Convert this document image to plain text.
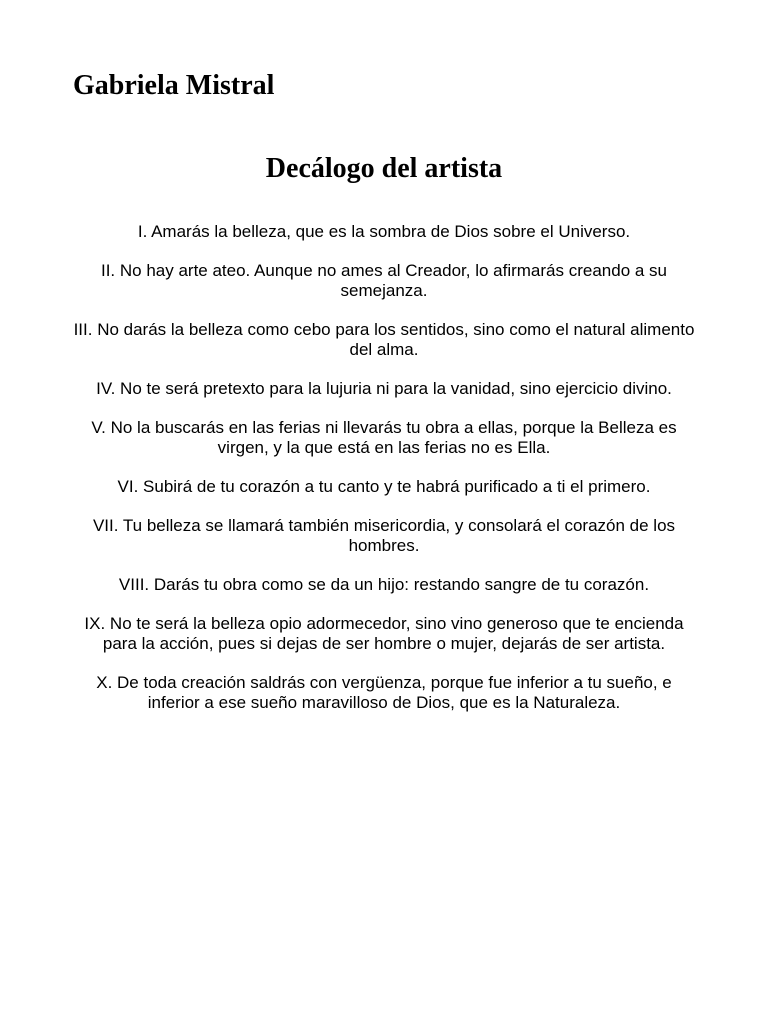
Gabriela Mistral
Decálogo del artista
I. Amarás la belleza, que es la sombra de Dios sobre el Universo.
II. No hay arte ateo. Aunque no ames al Creador, lo afirmarás creando a su semejanza.
III. No darás la belleza como cebo para los sentidos, sino como el natural alimento del alma.
IV. No te será pretexto para la lujuria ni para la vanidad, sino ejercicio divino.
V. No la buscarás en las ferias ni llevarás tu obra a ellas, porque la Belleza es virgen, y la que está en las ferias no es Ella.
VI. Subirá de tu corazón a tu canto y te habrá purificado a ti el primero.
VII. Tu belleza se llamará también misericordia, y consolará el corazón de los hombres.
VIII. Darás tu obra como se da un hijo: restando sangre de tu corazón.
IX. No te será la belleza opio adormecedor, sino vino generoso que te encienda para la acción, pues si dejas de ser hombre o mujer, dejarás de ser artista.
X. De toda creación saldrás con vergüenza, porque fue inferior a tu sueño, e inferior a ese sueño maravilloso de Dios, que es la Naturaleza.
